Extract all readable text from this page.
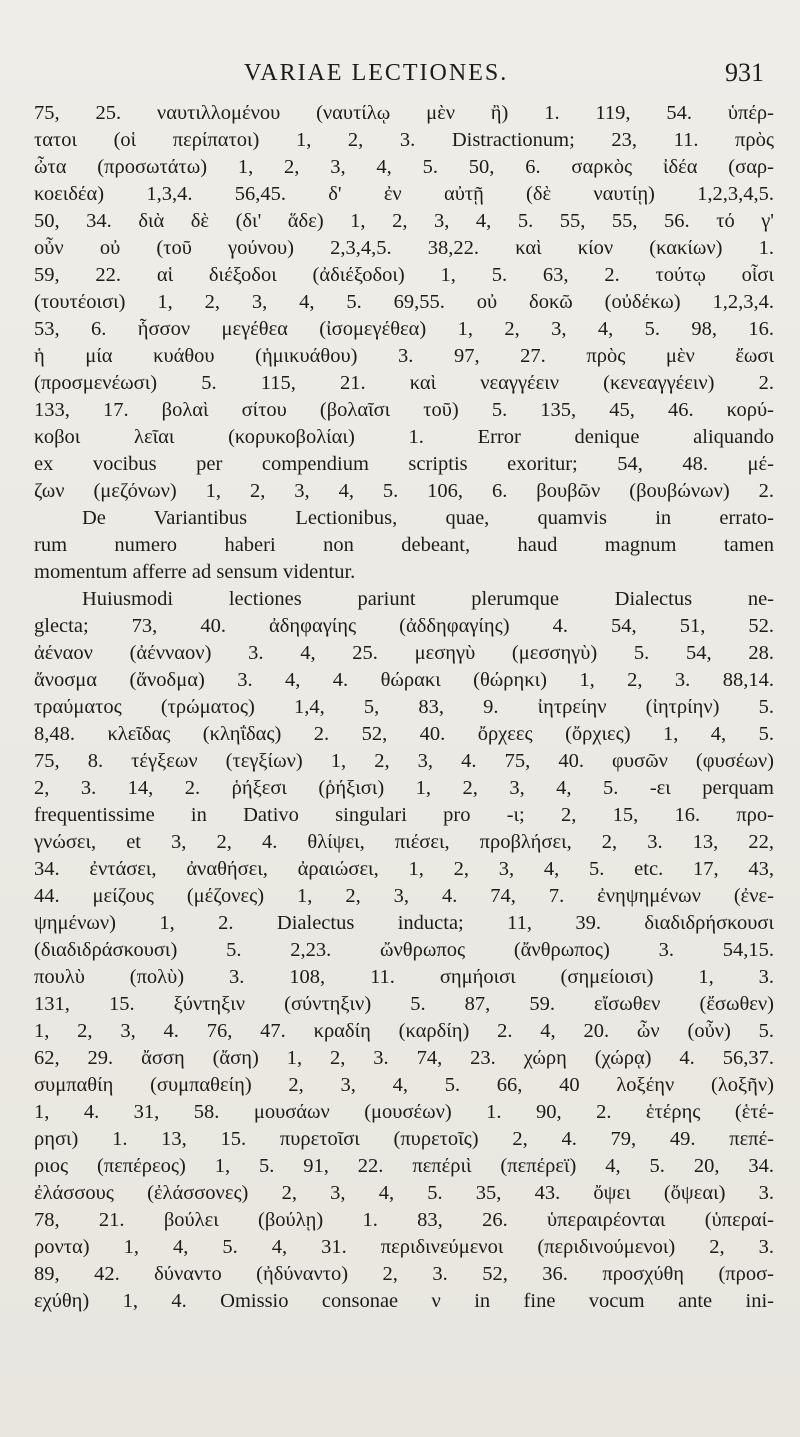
VARIAE LECTIONES.	931
75, 25. ναυτιλλομένου (ναυτίλῳ μὲν ἢ) 1. 119, 54. ὑπέρ-
τατοι (οἱ περίπατοι) 1, 2, 3. Distractionum; 23, 11. πρὸς
ὦτα (προσωτάτω) 1, 2, 3, 4, 5. 50, 6. σαρκὸς ἰδέα (σαρ-
κοειδέα) 1,3,4. 56,45. δ' ἐν αὐτῇ (δὲ ναυτίῃ) 1,2,3,4,5.
50, 34. διὰ δὲ (δι' ἅδε) 1, 2, 3, 4, 5. 55, 55, 56. τό γ'
οὖν οὐ (τοῦ γούνου) 2,3,4,5. 38,22. καὶ κίον (κακίων) 1.
59, 22. αἱ διέξοδοι (ἀδιέξοδοι) 1, 5. 63, 2. τούτῳ οἷσι
(τουτέοισι) 1, 2, 3, 4, 5. 69,55. οὐ δοκῶ (οὐδέκω) 1,2,3,4.
53, 6. ἧσσον μεγέθεα (ἰσομεγέθεα) 1, 2, 3, 4, 5. 98, 16.
ἡ μία κυάθου (ἡμικυάθου) 3. 97, 27. πρὸς μὲν ἔωσι
(προσμενέωσι) 5. 115, 21. καὶ νεαγγέειν (κενεαγγέειν) 2.
133, 17. βολαὶ σίτου (βολαῖσι τοῦ) 5. 135, 45, 46. κορύ-
κοβοι λεῖαι (κορυκοβολίαι) 1. Error denique aliquando
ex vocibus per compendium scriptis exoritur; 54, 48. μέ-
ζων (μεζόνων) 1, 2, 3, 4, 5. 106, 6. βουβῶν (βουβώνων) 2.
De Variantibus Lectionibus, quae, quamvis in errato-
rum numero haberi non debeant, haud magnum tamen
momentum afferre ad sensum videntur.
Huiusmodi lectiones pariunt plerumque Dialectus ne-
glecta; 73, 40. ἀδηφαγίης (ἀδδηφαγίης) 4. 54, 51, 52.
ἀέναον (ἀένναον) 3. 4, 25. μεσηγὺ (μεσσηγὺ) 5. 54, 28.
ἄνοσμα (ἄνοδμα) 3. 4, 4. θώρακι (θώρηκι) 1, 2, 3. 88,14.
τραύματος (τρώματος) 1,4, 5, 83, 9. ἰητρείην (ἰητρίην) 5.
8,48. κλεῖδας (κληΐδας) 2. 52, 40. ὄρχεες (ὄρχιες) 1, 4, 5.
75, 8. τέγξεων (τεγξίων) 1, 2, 3, 4. 75, 40. φυσῶν (φυσέων)
2, 3. 14, 2. ῥήξεσι (ῥήξισι) 1, 2, 3, 4, 5. -ει perquam
frequentissime in Dativo singulari pro -ι; 2, 15, 16. προ-
γνώσει, et 3, 2, 4. θλίψει, πιέσει, προβλήσει, 2, 3. 13, 22,
34. ἐντάσει, ἀναθήσει, ἀραιώσει, 1, 2, 3, 4, 5. etc. 17, 43,
44. μείζους (μέζονες) 1, 2, 3, 4. 74, 7. ἐνηψημένων (ἐνε-
ψημένων) 1, 2. Dialectus inducta; 11, 39. διαδιδρήσκουσι
(διαδιδράσκουσι) 5. 2,23. ὤνθρωπος (ἄνθρωπος) 3. 54,15.
πουλὺ (πολὺ) 3. 108, 11. σημήοισι (σημείοισι) 1, 3.
131, 15. ξύντηξιν (σύντηξιν) 5. 87, 59. εἴσωθεν (ἔσωθεν)
1, 2, 3, 4. 76, 47. κραδίη (καρδίη) 2. 4, 20. ὦν (οὖν) 5.
62, 29. ἄσση (ἄση) 1, 2, 3. 74, 23. χώρη (χώρᾳ) 4. 56,37.
συμπαθίη (συμπαθείη) 2, 3, 4, 5. 66, 40 λοξέην (λοξῆν)
1, 4. 31, 58. μουσάων (μουσέων) 1. 90, 2. ἑτέρης (ἑτέ-
ρησι) 1. 13, 15. πυρετοῖσι (πυρετοῖς) 2, 4. 79, 49. πεπέ-
ριος (πεπέρεος) 1, 5. 91, 22. πεπέριὶ (πεπέρεϊ) 4, 5. 20, 34.
ἐλάσσους (ἐλάσσονες) 2, 3, 4, 5. 35, 43. ὄψει (ὄψεαι) 3.
78, 21. βούλει (βούλῃ) 1. 83, 26. ὑπεραιρέονται (ὑπεραί-
ροντα) 1, 4, 5. 4, 31. περιδινεύμενοι (περιδινούμενοι) 2, 3.
89, 42. δύναντο (ἠδύναντο) 2, 3. 52, 36. προσχύθη (προσ-
εχύθη) 1, 4. Omissio consonae ν in fine vocum ante ini-
